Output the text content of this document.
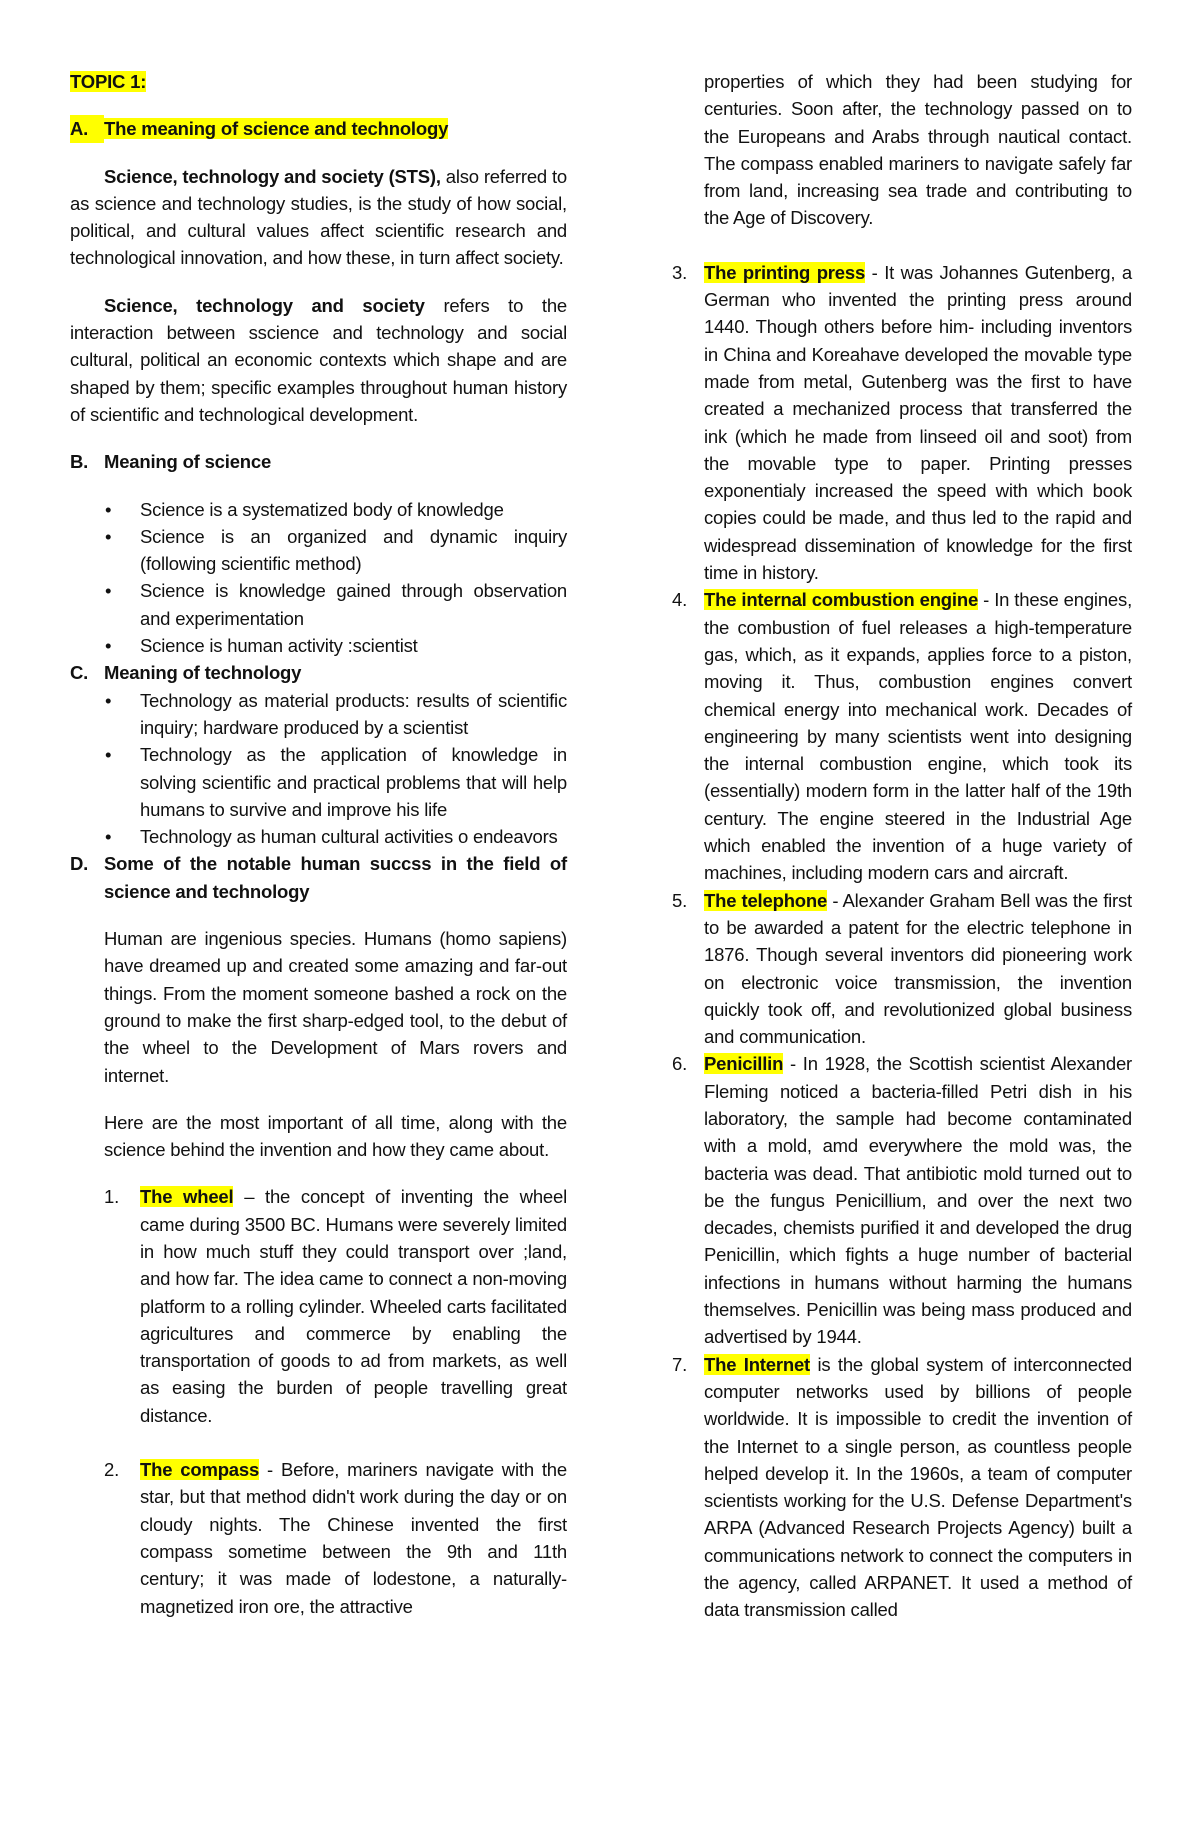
TOPIC 1:

A. The meaning of science and technology

Science, technology and society (STS), also referred to as science and technology studies, is the study of how social, political, and cultural values affect scientific research and technological innovation, and how these, in turn affect society.

Science, technology and society refers to the interaction between sscience and technology and social cultural, political an economic contexts which shape and are shaped by them; specific examples throughout human history of scientific and technological development.

B. Meaning of science

• Science is a systematized body of knowledge
• Science is an organized and dynamic inquiry (following scientific method)
• Science is knowledge gained through observation and experimentation
• Science is human activity :scientist

C. Meaning of technology

• Technology as material products: results of scientific inquiry; hardware produced by a scientist
• Technology as the application of knowledge in solving scientific and practical problems that will help humans to survive and improve his life
• Technology as human cultural activities o endeavors

D. Some of the notable human succss in the field of science and technology

Human are ingenious species. Humans (homo sapiens) have dreamed up and created some amazing and far-out things. From the moment someone bashed a rock on the ground to make the first sharp-edged tool, to the debut of the wheel to the Development of Mars rovers and internet.

Here are the most important of all time, along with the science behind the invention and how they came about.

1. The wheel – the concept of inventing the wheel came during 3500 BC. Humans were severely limited in how much stuff they could transport over ;land, and how far. The idea came to connect a non-moving platform to a rolling cylinder. Wheeled carts facilitated agricultures and commerce by enabling the transportation of goods to ad from markets, as well as easing the burden of people travelling great distance.
2. The compass - Before, mariners navigate with the star, but that method didn't work during the day or on cloudy nights. The Chinese invented the first compass sometime between the 9th and 11th century; it was made of lodestone, a naturally-magnetized iron ore, the attractive
properties of which they had been studying for centuries. Soon after, the technology passed on to the Europeans and Arabs through nautical contact. The compass enabled mariners to navigate safely far from land, increasing sea trade and contributing to the Age of Discovery.
3. The printing press - It was Johannes Gutenberg, a German who invented the printing press around 1440. Though others before him- including inventors in China and Koreahave developed the movable type made from metal, Gutenberg was the first to have created a mechanized process that transferred the ink (which he made from linseed oil and soot) from the movable type to paper. Printing presses exponentialy increased the speed with which book copies could be made, and thus led to the rapid and widespread dissemination of knowledge for the first time in history.
4. The internal combustion engine - In these engines, the combustion of fuel releases a high-temperature gas, which, as it expands, applies force to a piston, moving it. Thus, combustion engines convert chemical energy into mechanical work. Decades of engineering by many scientists went into designing the internal combustion engine, which took its (essentially) modern form in the latter half of the 19th century. The engine steered in the Industrial Age which enabled the invention of a huge variety of machines, including modern cars and aircraft.
5. The telephone - Alexander Graham Bell was the first to be awarded a patent for the electric telephone in 1876. Though several inventors did pioneering work on electronic voice transmission, the invention quickly took off, and revolutionized global business and communication.
6. Penicillin - In 1928, the Scottish scientist Alexander Fleming noticed a bacteria-filled Petri dish in his laboratory, the sample had become contaminated with a mold, amd everywhere the mold was, the bacteria was dead. That antibiotic mold turned out to be the fungus Penicillium, and over the next two decades, chemists purified it and developed the drug Penicillin, which fights a huge number of bacterial infections in humans without harming the humans themselves. Penicillin was being mass produced and advertised by 1944.
7. The Internet is the global system of interconnected computer networks used by billions of people worldwide. It is impossible to credit the invention of the Internet to a single person, as countless people helped develop it. In the 1960s, a team of computer scientists working for the U.S. Defense Department's ARPA (Advanced Research Projects Agency) built a communications network to connect the computers in the agency, called ARPANET. It used a method of data transmission called
